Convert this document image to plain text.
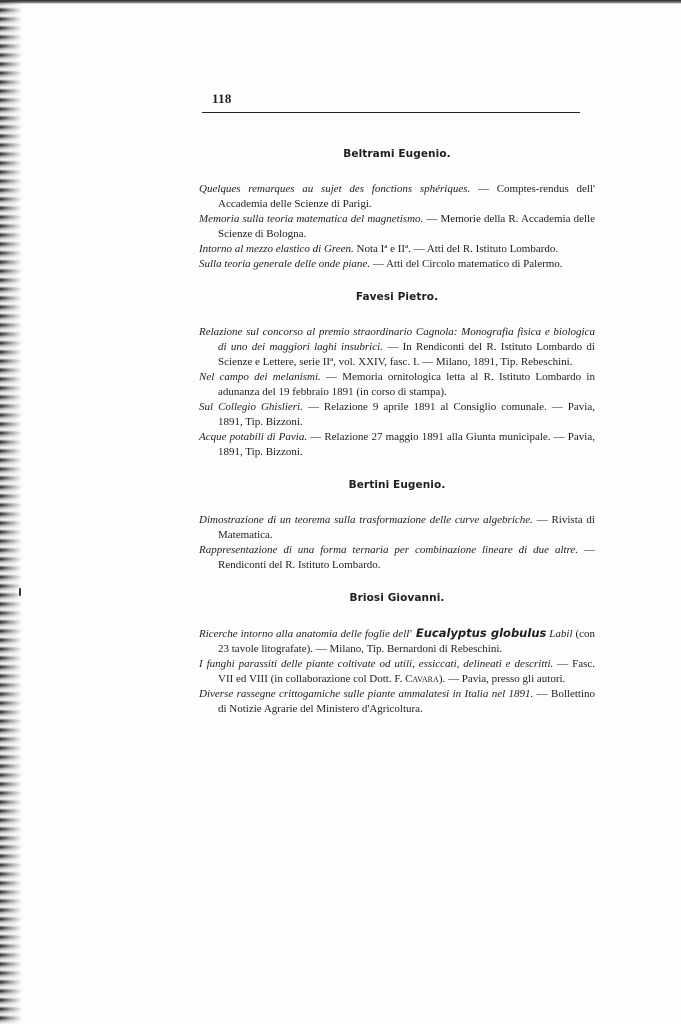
118
Beltrami Eugenio.

Quelques remarques au sujet des fonctions sphériques. — Comptes-rendus dell' Accademia delle Scienze di Parigi.

Memoria sulla teoria matematica del magnetismo. — Memorie della R. Accademia delle Scienze di Bologna.

Intorno al mezzo elastico di Green. Nota Iª e IIª. — Atti del R. Istituto Lombardo.

Sulla teoria generale delle onde piane. — Atti del Circolo matematico di Palermo.

Favesi Pietro.

Relazione sul concorso al premio straordinario Cagnola: Monografia fisica e biologica di uno dei maggiori laghi insubrici. — In Rendiconti del R. Istituto Lombardo di Scienze e Lettere, serie IIª, vol. XXIV, fasc. I. — Milano, 1891, Tip. Rebeschini.

Nel campo dei melanismi. — Memoria ornitologica letta al R. Istituto Lombardo in adunanza del 19 febbraio 1891 (in corso di stampa).

Sul Collegio Ghislieri. — Relazione 9 aprile 1891 al Consiglio comunale. — Pavia, 1891, Tip. Bizzoni.

Acque potabili di Pavia. — Relazione 27 maggio 1891 alla Giunta municipale. — Pavia, 1891, Tip. Bizzoni.

Bertini Eugenio.

Dimostrazione di un teorema sulla trasformazione delle curve algebriche. — Rivista di Matematica.

Rappresentazione di una forma ternaria per combinazione lineare di due altre. — Rendiconti del R. Istituto Lombardo.

Briosi Giovanni.

Ricerche intorno alla anatomia delle foglie dell' Eucalyptus globulus Labil (con 23 tavole litografate). — Milano, Tip. Bernardoni di Rebeschini.

I funghi parassiti delle piante coltivate od utili, essiccati, delineati e descritti. — Fasc. VII ed VIII (in collaborazione col Dott. F. Cavara). — Pavia, presso gli autori.

Diverse rassegne crittogamiche sulle piante ammalatesi in Italia nel 1891. — Bollettino di Notizie Agrarie del Ministero d'Agricoltura.
